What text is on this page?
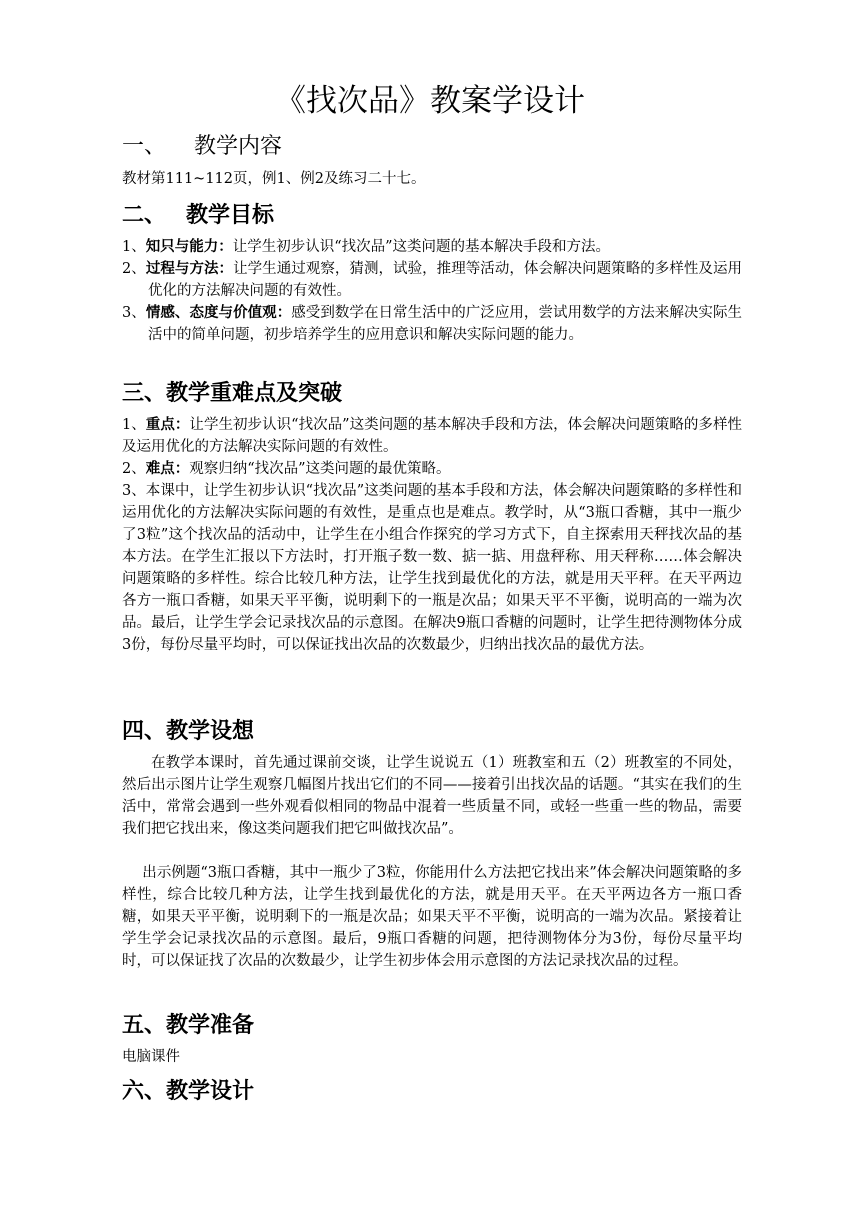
《找次品》教案学设计
一、 教学内容
教材第111~112页，例1、例2及练习二十七。
二、 教学目标
1、知只与能力：让学生初步认识“找次品”这类问题的基本解决手段和方法。
2、过程与方法：让学生通过观察，猜测，试验，推理等活动，体会解决问题策略的多样性及运用优化的方法解决问题的有效性。
3、情感、态度与价值观：感受到数学在日常生活中的广泛应用，尝试用数学的方法来解决实际生活中的简单问题，初步培养学生的应用意识和解决实际问题的能力。
三、教学重难点及突破
1、重点：让学生初步认识“找次品”这类问题的基本解决手段和方法，体会解决问题策略的多样性及运用优化的方法解决实际问题的有效性。
2、难点：观察归纳“找次品”这类问题的最优策略。
3、本课中，让学生初步认识“找次品”这类问题的基本手段和方法，体会解决问题策略的多样性和运用优化的方法解决实际问题的有效性，是重点也是难点。教学时，从“3瓶口香糖，其中一瓶少了3粒”这个找次品的活动中，让学生在小组合作探究的学习方式下，自主探索用天秤找次品的基本方法。在学生汇报以下方法时，打开瓶子数一数、掂一掂、用盘秤称、用天秤称……体会解决问题策略的多样性。综合比较几种方法，让学生找到最优化的方法，就是用天平秤。在天平两边各方一瓶口香糖，如果天平平衡，说明剩下的一瓶是次品；如果天平不平衡，说明高的一端为次品。最后，让学生学会记录找次品的示意图。在解决9瓶口香糖的问题时，让学生把待测物体分成3份，每份尽量平均时，可以保证找出次品的次数最少，归纳出找次品的最优方法。
四、教学设想
在教学本课时，首先通过课前交谈，让学生说说五（1）班教室和五（2）班教室的不同处，然后出示图片让学生观察几幅图片找出它们的不同——接着引出找次品的话题。“其实在我们的生活中，常常会遇到一些外观看似相同的物品中混着一些质量不同，或轻一些重一些的物品，需要我们把它找出来，像这类问题我们把它叫做找次品”。
出示例题“3瓶口香糖，其中一瓶少了3粒，你能用什么方法把它找出来”体会解决问题策略的多样性，综合比较几种方法，让学生找到最优化的方法，就是用天平。在天平两边各方一瓶口香糖，如果天平平衡，说明剩下的一瓶是次品；如果天平不平衡，说明高的一端为次品。紧接着让学生学会记录找次品的示意图。最后，9瓶口香糖的问题，把待测物体分为3份，每份尽量平均时，可以保证找了次品的次数最少，让学生初步体会用示意图的方法记录找次品的过程。
五、教学准备
电脑课件
六、教学设计
